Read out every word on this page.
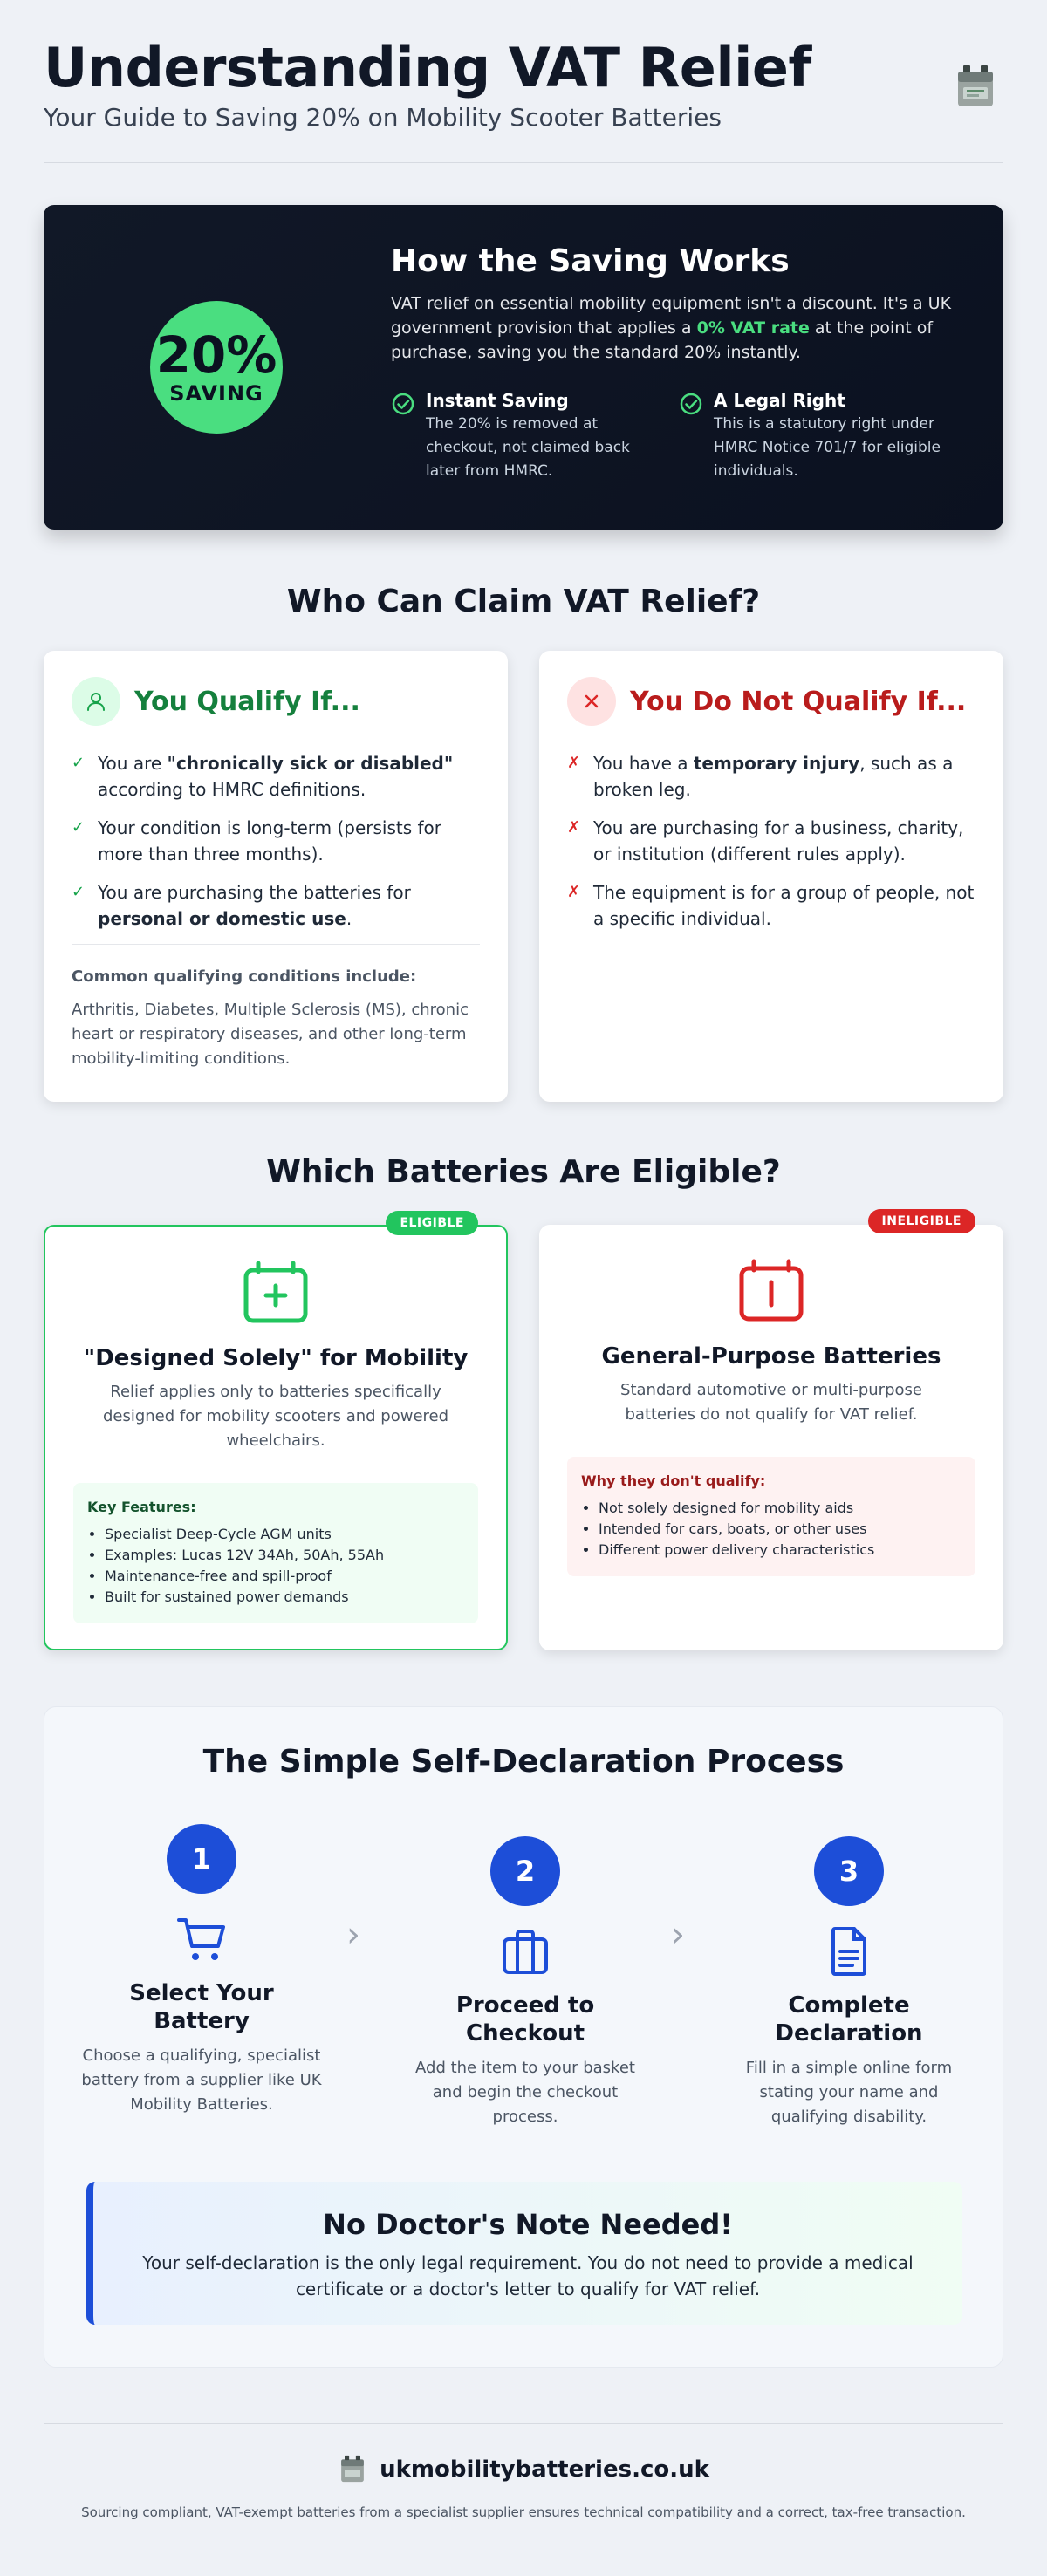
Understanding VAT Relief
Your Guide to Saving 20% on Mobility Scooter Batteries
20%
SAVING
How the Saving Works

VAT relief on essential mobility equipment isn't a discount. It's a UK government provision that applies a 0% VAT rate at the point of purchase, saving you the standard 20% instantly.

Instant Saving
The 20% is removed at checkout, not claimed back later from HMRC.
A Legal Right
This is a statutory right under HMRC Notice 701/7 for eligible individuals.
Who Can Claim VAT Relief?
You Qualify If...
✓ You are "chronically sick or disabled" according to HMRC definitions.
✓ Your condition is long-term (persists for more than three months).
✓ You are purchasing the batteries for personal or domestic use.
Common qualifying conditions include:
Arthritis, Diabetes, Multiple Sclerosis (MS), chronic heart or respiratory diseases, and other long-term mobility-limiting conditions.
You Do Not Qualify If...
✗ You have a temporary injury, such as a broken leg.
✗ You are purchasing for a business, charity, or institution (different rules apply).
✗ The equipment is for a group of people, not a specific individual.
Which Batteries Are Eligible?
ELIGIBLE
"Designed Solely" for Mobility
Relief applies only to batteries specifically designed for mobility scooters and powered wheelchairs.
Key Features:
• Specialist Deep-Cycle AGM units
• Examples: Lucas 12V 34Ah, 50Ah, 55Ah
• Maintenance-free and spill-proof
• Built for sustained power demands
INELIGIBLE
General-Purpose Batteries
Standard automotive or multi-purpose batteries do not qualify for VAT relief.
Why they don't qualify:
• Not solely designed for mobility aids
• Intended for cars, boats, or other uses
• Different power delivery characteristics
The Simple Self-Declaration Process
1
Select Your Battery
Choose a qualifying, specialist battery from a supplier like UK Mobility Batteries.
›
2
Proceed to Checkout
Add the item to your basket and begin the checkout process.
›
3
Complete Declaration
Fill in a simple online form stating your name and qualifying disability.
No Doctor's Note Needed!

Your self-declaration is the only legal requirement. You do not need to provide a medical certificate or a doctor's letter to qualify for VAT relief.

ukmobilitybatteries.co.uk
Sourcing compliant, VAT-exempt batteries from a specialist supplier ensures technical compatibility and a correct, tax-free transaction.
